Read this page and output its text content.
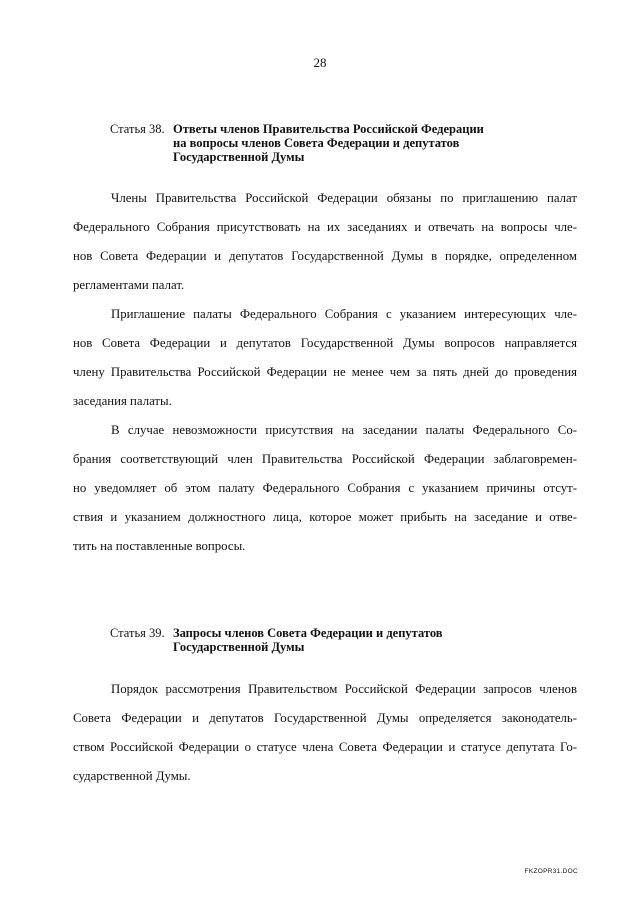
28
Статья 38. Ответы членов Правительства Российской Федерации
на вопросы членов Совета Федерации и депутатов
Государственной Думы
Члены Правительства Российской Федерации обязаны по приглашению палат
Федерального Собрания присутствовать на их заседаниях и отвечать на вопросы чле-
нов Совета Федерации и депутатов Государственной Думы в порядке, определенном
регламентами палат.
Приглашение палаты Федерального Собрания с указанием интересующих чле-
нов Совета Федерации и депутатов Государственной Думы вопросов направляется
члену Правительства Российской Федерации не менее чем за пять дней до проведения
заседания палаты.
В случае невозможности присутствия на заседании палаты Федерального Со-
брания соответствующий член Правительства Российской Федерации заблаговремен-
но уведомляет об этом палату Федерального Собрания с указанием причины отсут-
ствия и указанием должностного лица, которое может прибыть на заседание и отве-
тить на поставленные вопросы.
Статья 39. Запросы членов Совета Федерации и депутатов
Государственной Думы
Порядок рассмотрения Правительством Российской Федерации запросов членов
Совета Федерации и депутатов Государственной Думы определяется законодатель-
ством Российской Федерации о статусе члена Совета Федерации и статусе депутата Го-
сударственной Думы.
FKZOPR31.DOC
